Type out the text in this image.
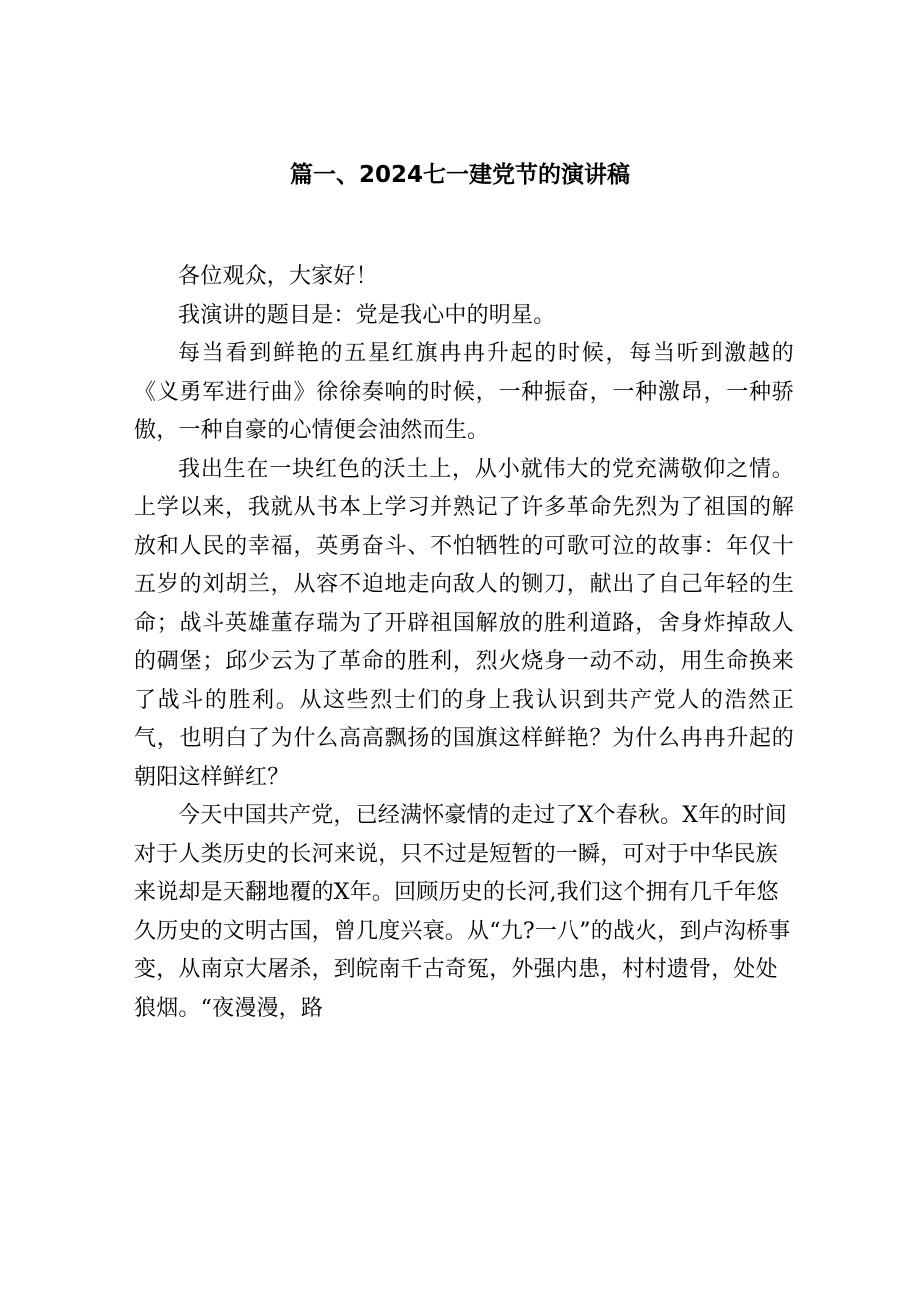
篇一、2024七一建党节的演讲稿

各位观众，大家好！

我演讲的题目是：党是我心中的明星。

每当看到鲜艳的五星红旗冉冉升起的时候，每当听到激越的《义勇军进行曲》徐徐奏响的时候，一种振奋，一种激昂，一种骄傲，一种自豪的心情便会油然而生。

我出生在一块红色的沃土上，从小就伟大的党充满敬仰之情。上学以来，我就从书本上学习并熟记了许多革命先烈为了祖国的解放和人民的幸福，英勇奋斗、不怕牺牲的可歌可泣的故事：年仅十五岁的刘胡兰，从容不迫地走向敌人的铡刀，献出了自己年轻的生命；战斗英雄董存瑞为了开辟祖国解放的胜利道路，舍身炸掉敌人的碉堡；邱少云为了革命的胜利，烈火烧身一动不动，用生命换来了战斗的胜利。从这些烈士们的身上我认识到共产党人的浩然正气，也明白了为什么高高飘扬的国旗这样鲜艳？为什么冉冉升起的朝阳这样鲜红？

今天中国共产党，已经满怀豪情的走过了X个春秋。X年的时间对于人类历史的长河来说，只不过是短暂的一瞬，可对于中华民族来说却是天翻地覆的X年。回顾历史的长河,我们这个拥有几千年悠久历史的文明古国，曾几度兴衰。从“九?一八”的战火，到卢沟桥事变，从南京大屠杀，到皖南千古奇冤，外强内患，村村遗骨，处处狼烟。“夜漫漫，路
